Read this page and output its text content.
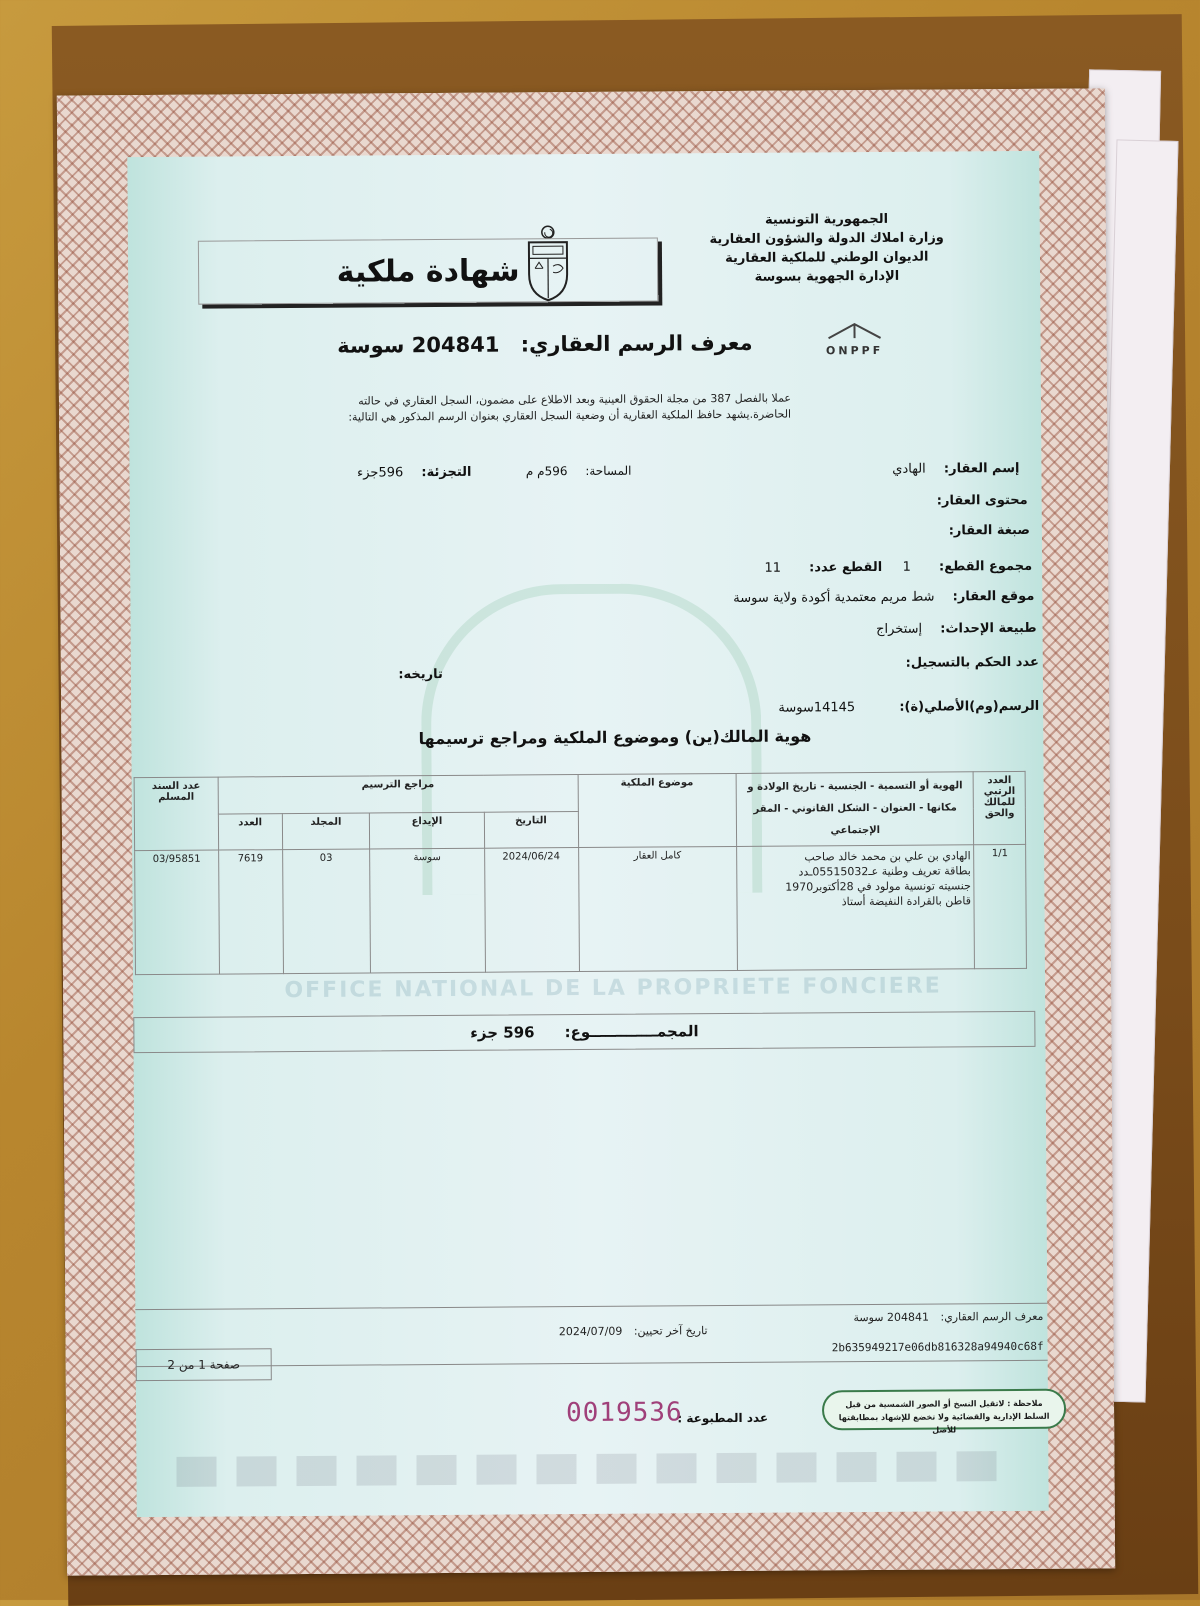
OFFICE NATIONAL DE LA PROPRIETE FONCIERE
الجمهورية التونسية
وزارة املاك الدولة والشؤون العقارية
الديوان الوطني للملكية العقارية
الإدارة الجهوية بسوسة
ONPPF
شهادة ملكية
معرف الرسم العقاري: 204841 سوسة
عملا بالفصل 387 من مجلة الحقوق العينية وبعد الاطلاع على مضمون، السجل العقاري في حالته الحاضرة.يشهد حافظ الملكية العقارية أن وضعية السجل العقاري بعنوان الرسم المذكور هي التالية:
إسم العقار: الهادي
المساحة: 596م م
التجزئة: 596جزء
محتوى العقار:
صبغة العقار:
مجموع القطع: 1
القطع عدد: 11
موقع العقار: شط مريم معتمدية أكودة ولاية سوسة
طبيعة الإحداث: إستخراج
عدد الحكم بالتسجيل:
تاريخه:
الرسم(وم)الأصلي(ة): 14145سوسة
هوية المالك(ين) وموضوع الملكية ومراجع ترسيمها
العدد الرتبي للمالك والحق	الهوية أو التسمية - الجنسية - تاريخ الولادة و مكانها - العنوان - الشكل القانوني - المقر الإجتماعي	موضوع الملكية	مراجع الترسيم				عدد السند المسلم
			التاريخ	الإيداع	المجلد	العدد	
1/1	الهادي بن علي بن محمد خالد صاحب
بطاقة تعريف وطنية عـ05515032ـدد
جنسيته تونسية مولود في 28أكتوبر1970
قاطن بالقرادة النفيضة أستاذ	كامل العقار	2024/06/24	سوسة	03	7619	03/95851
المجمـــــــــــــوع:
596 جزء
معرف الرسم العقاري: 204841 سوسة
تاريخ آخر تحيين: 2024/07/09
2b635949217e06db816328a94940c68f
صفحة 1 من 2
ملاحظة : لاتقبل النسخ أو الصور الشمسية من قبل السلط الإدارية والقضائية ولا تخضع للإشهاد بمطابقتها للأصل
عدد المطبوعة :
0019536
